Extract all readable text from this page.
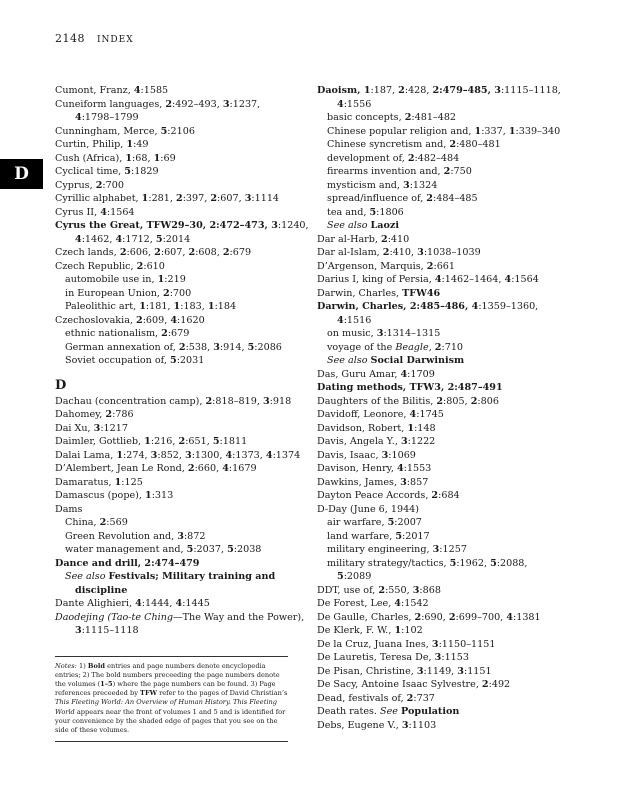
2148 INDEX
D
Cumont, Franz, 4:1585
Cuneiform languages, 2:492–493, 3:1237,
4:1798–1799
Cunningham, Merce, 5:2106
Curtin, Philip, 1:49
Cush (Africa), 1:68, 1:69
Cyclical time, 5:1829
Cyprus, 2:700
Cyrillic alphabet, 1:281, 2:397, 2:607, 3:1114
Cyrus II, 4:1564
Cyrus the Great, TFW29–30, 2:472–473, 3:1240,
4:1462, 4:1712, 5:2014
Czech lands, 2:606, 2:607, 2:608, 2:679
Czech Republic, 2:610
automobile use in, 1:219
in European Union, 2:700
Paleolithic art, 1:181, 1:183, 1:184
Czechoslovakia, 2:609, 4:1620
ethnic nationalism, 2:679
German annexation of, 2:538, 3:914, 5:2086
Soviet occupation of, 5:2031
D
Dachau (concentration camp), 2:818–819, 3:918
Dahomey, 2:786
Dai Xu, 3:1217
Daimler, Gottlieb, 1:216, 2:651, 5:1811
Dalai Lama, 1:274, 3:852, 3:1300, 4:1373, 4:1374
D’Alembert, Jean Le Rond, 2:660, 4:1679
Damaratus, 1:125
Damascus (pope), 1:313
Dams
China, 2:569
Green Revolution and, 3:872
water management and, 5:2037, 5:2038
Dance and drill, 2:474–479
See also Festivals; Military training and
discipline
Dante Alighieri, 4:1444, 4:1445
Daodejing (Tao-te Ching—The Way and the Power),
3:1115–1118
Notes: 1) Bold entries and page numbers denote encyclopedia entries; 2) The bold numbers preceeding the page numbers denote the volumes (1–5) where the page numbers can be found. 3) Page references preceeded by TFW refer to the pages of David Christian’s This Fleeting World: An Overview of Human History. This Fleeting World appears near the front of volumes 1 and 5 and is identified for your convenience by the shaded edge of pages that you see on the side of these volumes.
Daoism, 1:187, 2:428, 2:479–485, 3:1115–1118,
4:1556
basic concepts, 2:481–482
Chinese popular religion and, 1:337, 1:339–340
Chinese syncretism and, 2:480–481
development of, 2:482–484
firearms invention and, 2:750
mysticism and, 3:1324
spread/influence of, 2:484–485
tea and, 5:1806
See also Laozi
Dar al-Harb, 2:410
Dar al-Islam, 2:410, 3:1038–1039
D’Argenson, Marquis, 2:661
Darius I, king of Persia, 4:1462–1464, 4:1564
Darwin, Charles, TFW46
Darwin, Charles, 2:485–486, 4:1359–1360,
4:1516
on music, 3:1314–1315
voyage of the Beagle, 2:710
See also Social Darwinism
Das, Guru Amar, 4:1709
Dating methods, TFW3, 2:487–491
Daughters of the Bilitis, 2:805, 2:806
Davidoff, Leonore, 4:1745
Davidson, Robert, 1:148
Davis, Angela Y., 3:1222
Davis, Isaac, 3:1069
Davison, Henry, 4:1553
Dawkins, James, 3:857
Dayton Peace Accords, 2:684
D-Day (June 6, 1944)
air warfare, 5:2007
land warfare, 5:2017
military engineering, 3:1257
military strategy/tactics, 5:1962, 5:2088,
5:2089
DDT, use of, 2:550, 3:868
De Forest, Lee, 4:1542
De Gaulle, Charles, 2:690, 2:699–700, 4:1381
De Klerk, F. W., 1:102
De la Cruz, Juana Ines, 3:1150–1151
De Lauretis, Teresa De, 3:1153
De Pisan, Christine, 3:1149, 3:1151
De Sacy, Antoine Isaac Sylvestre, 2:492
Dead, festivals of, 2:737
Death rates. See Population
Debs, Eugene V., 3:1103
